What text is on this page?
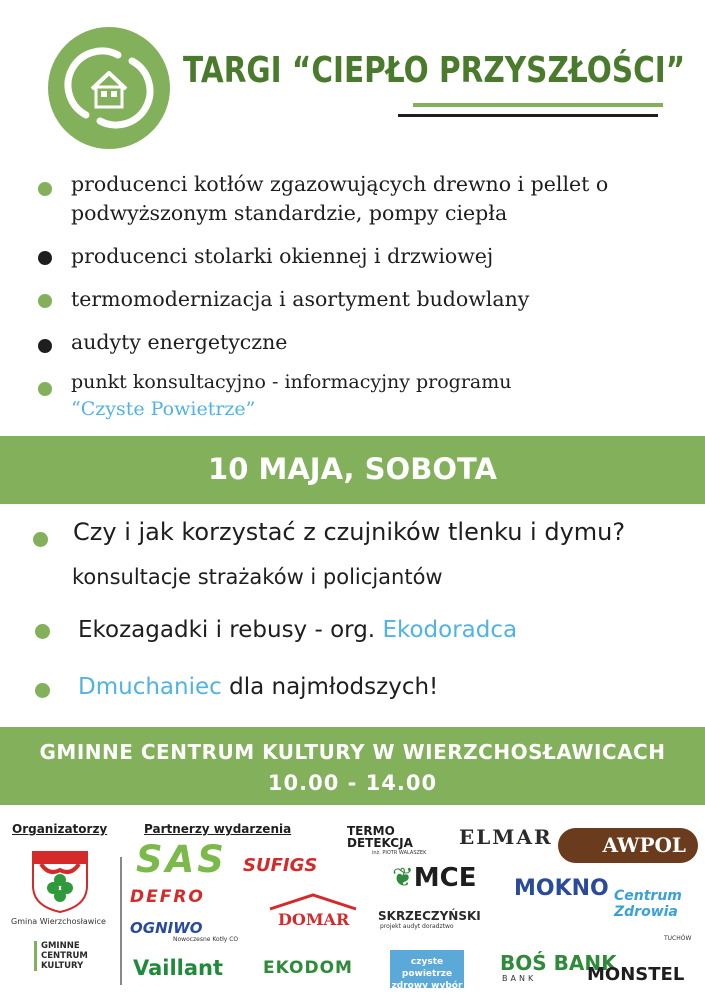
TARGI “CIEPŁO PRZYSZŁOŚCI”
producenci kotłów zgazowujących drewno i pellet o podwyższonym standardzie, pompy ciepła
producenci stolarki okiennej i drzwiowej
termomodernizacja i asortyment budowlany
audyty energetyczne
punkt konsultacyjno - informacyjny programu
“Czyste Powietrze”
10 MAJA, SOBOTA
Czy i jak korzystać z czujników tlenku i dymu?
konsultacje strażaków i policjantów
Ekozagadki i rebusy - org. Ekodoradca
Dmuchaniec dla najmłodszych!
GMINNE CENTRUM KULTURY W WIERZCHOSŁAWICACH
10.00 - 14.00
Organizatorzy	Partnerzy wydarzenia
Gmina Wierzchosławice
GMINNE CENTRUM KULTURY
SAS SUFIGS
DEFRO
DOMAR
OGNIWO
Nowoczesne Kotły CO
Vaillant EKODOM
TERMO DETEKCJA
inż. PIOTR WALASZEK
ELMAR	AWPOL
❦MCE
SKRZECZYŃSKI
projekt audyt doradztwo
czyste powietrze zdrowy wybór
MOKNO
BOŚ BANK
BANK
Centrum Zdrowia
TUCHÓW
MONSTEL
